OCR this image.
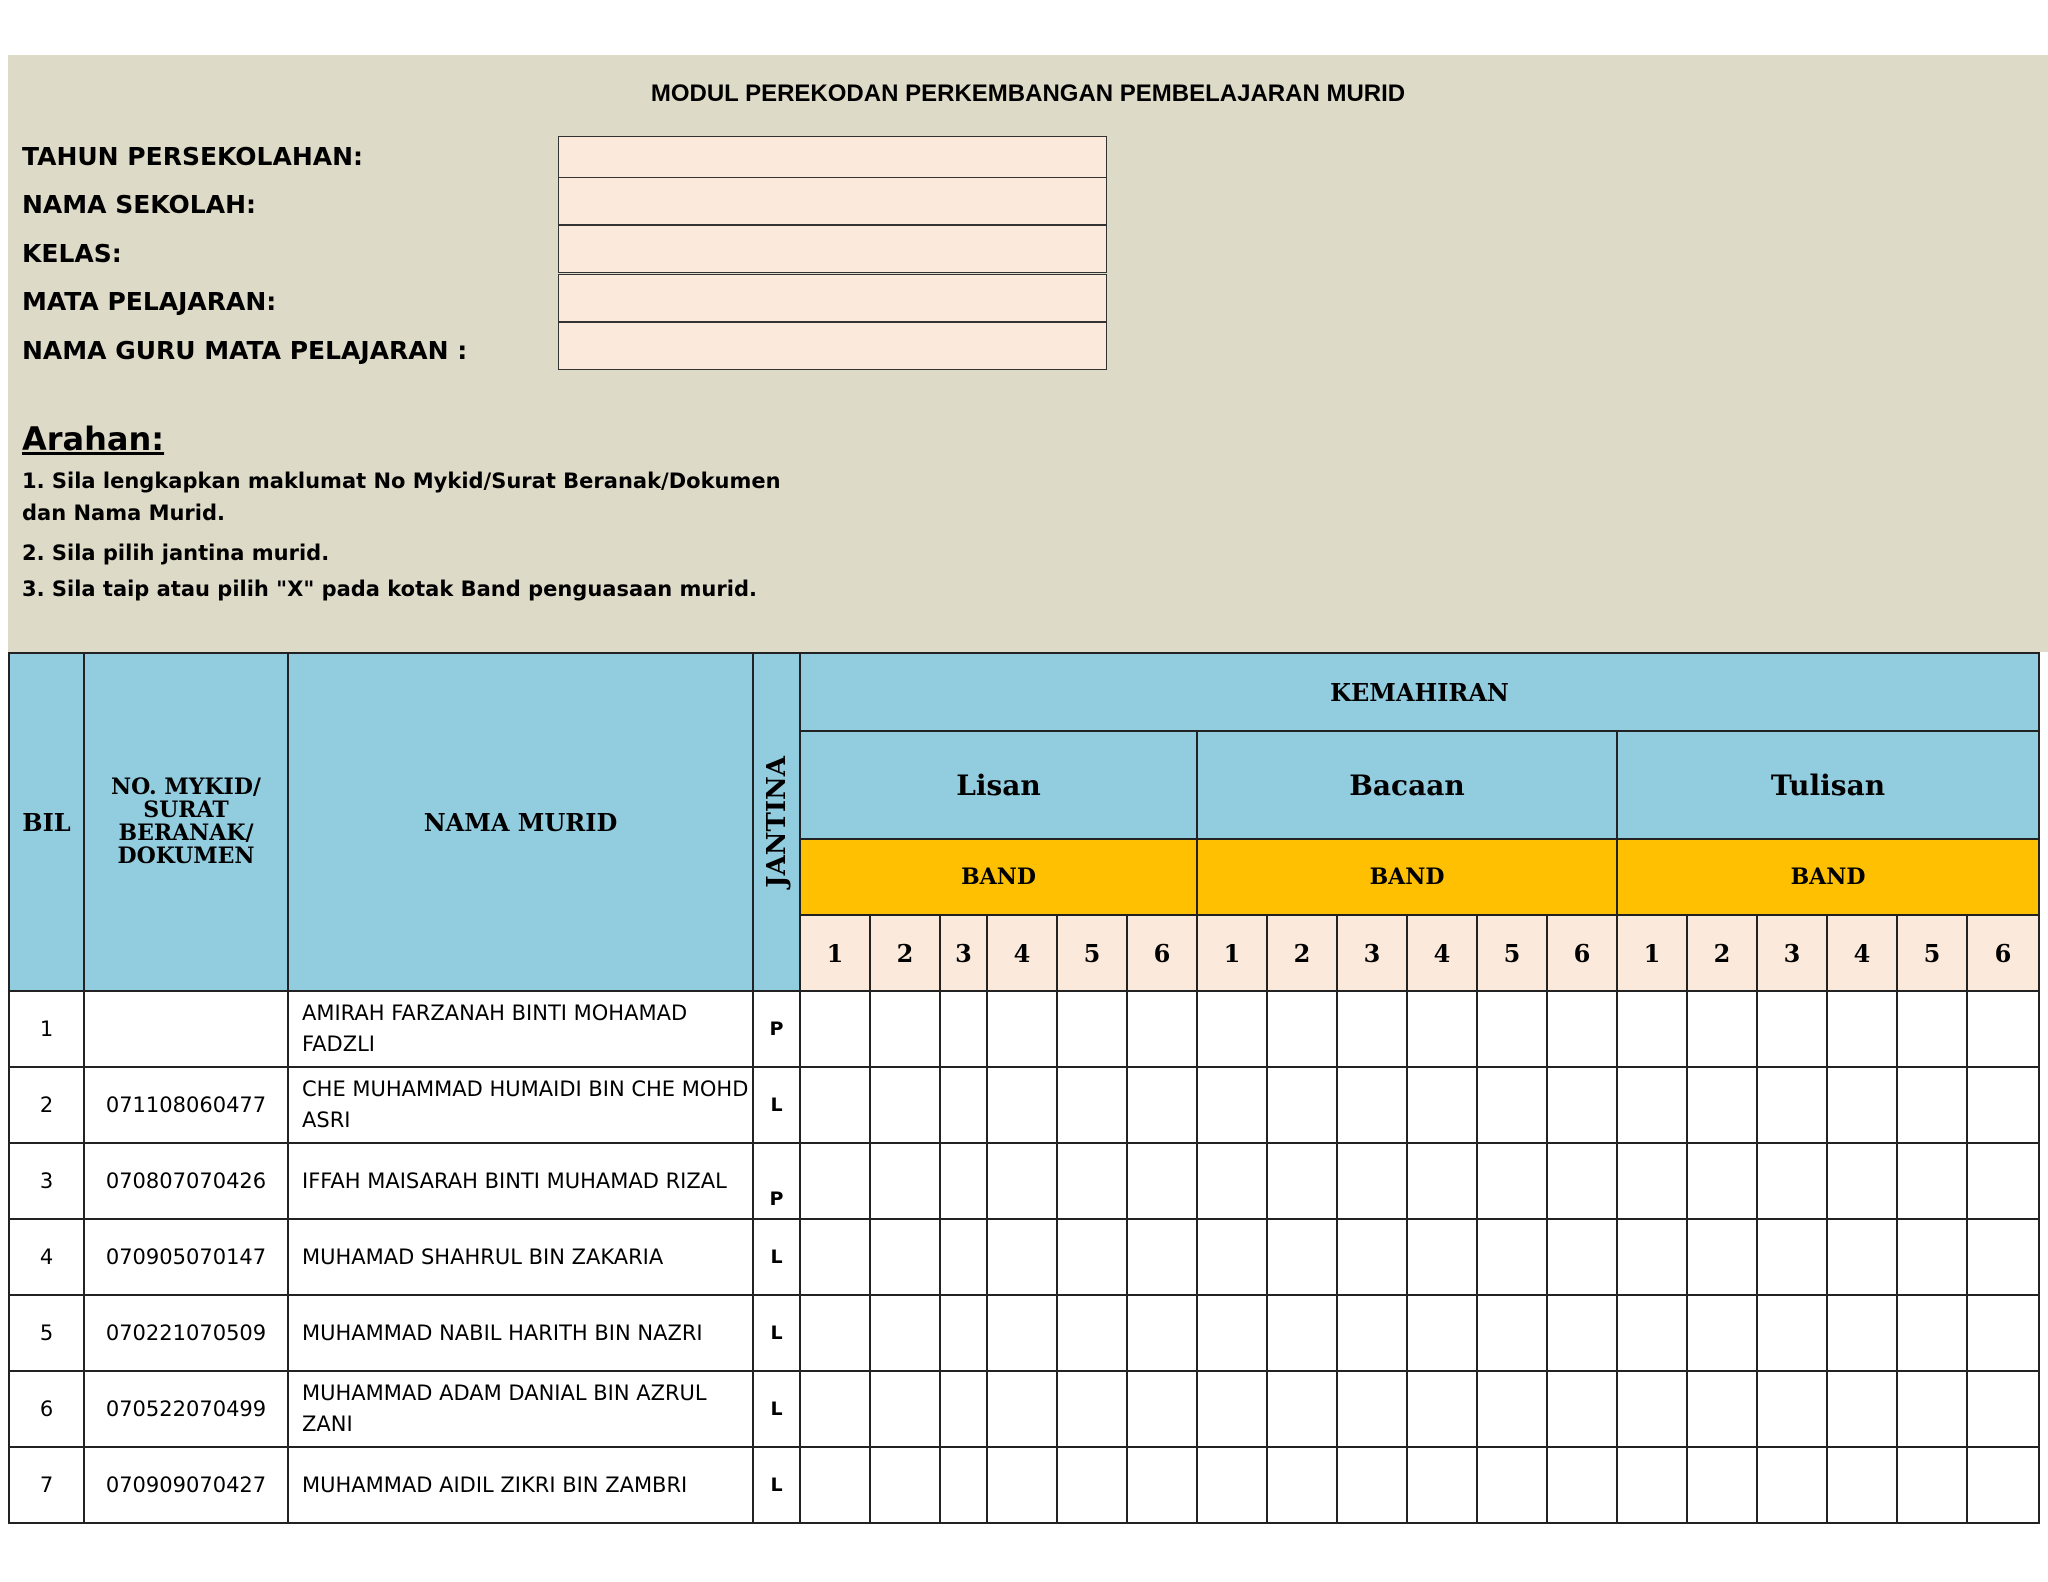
MODUL PEREKODAN PERKEMBANGAN PEMBELAJARAN MURID
TAHUN PERSEKOLAHAN:
NAMA SEKOLAH:
KELAS:
MATA PELAJARAN:
NAMA GURU MATA PELAJARAN :
Arahan:
1. Sila lengkapkan maklumat No Mykid/Surat Beranak/Dokumen dan Nama Murid.
2. Sila pilih jantina murid.
3. Sila taip atau pilih "X" pada kotak Band penguasaan murid.
BIL	NO. MYKID/ SURAT BERANAK/ DOKUMEN	NAMA MURID	JANTINA	KEMAHIRAN																	
				Lisan						Bacaan						Tulisan					
				BAND						BAND						BAND					
				1	2	3	4	5	6	1	2	3	4	5	6	1	2	3	4	5	6
1		AMIRAH FARZANAH BINTI MOHAMAD FADZLI	P																		
2	071108060477	CHE MUHAMMAD HUMAIDI BIN CHE MOHD ASRI	L																		
3	070807070426	IFFAH MAISARAH BINTI MUHAMAD RIZAL	P																		
4	070905070147	MUHAMAD SHAHRUL BIN ZAKARIA	L																		
5	070221070509	MUHAMMAD NABIL HARITH BIN NAZRI	L																		
6	070522070499	MUHAMMAD ADAM DANIAL BIN AZRUL ZANI	L																		
7	070909070427	MUHAMMAD AIDIL ZIKRI BIN ZAMBRI	L																		
